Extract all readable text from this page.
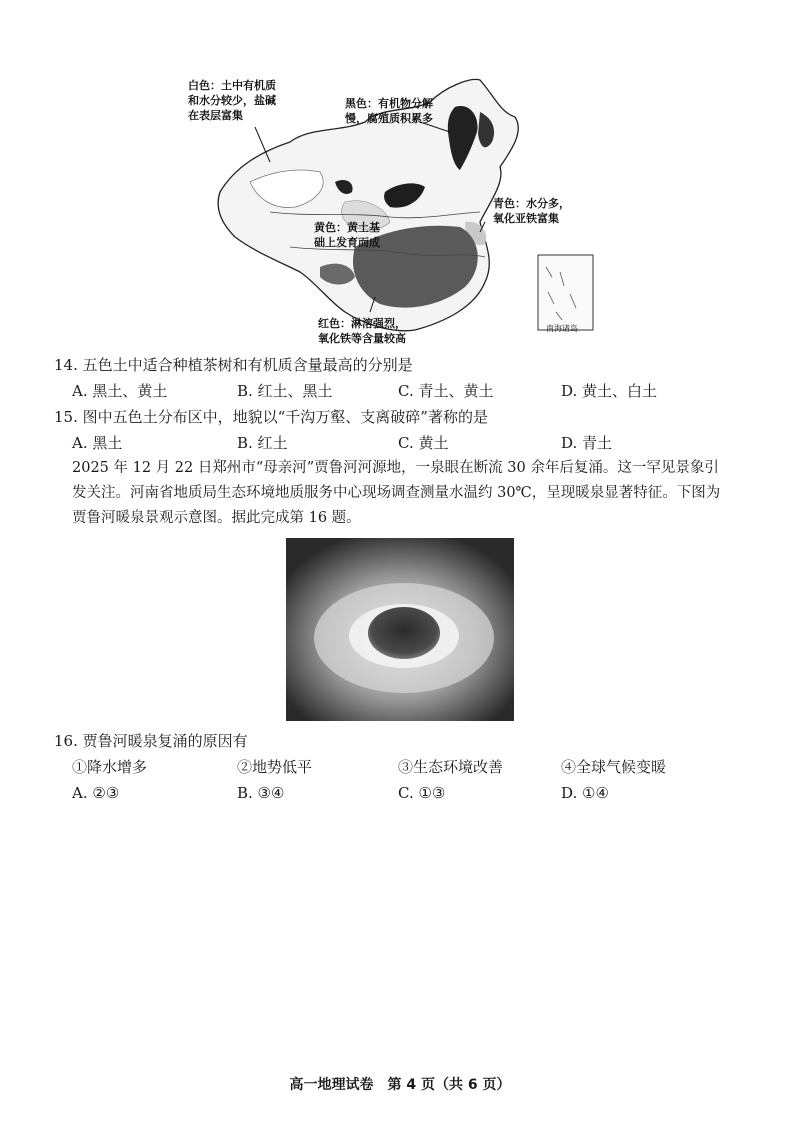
白色：土中有机质
和水分较少，盐碱
在表层富集
黑色：有机物分解
慢，腐殖质积累多
青色：水分多，
氧化亚铁富集
黄色：黄土基
础上发育而成
红色：淋溶强烈，
氧化铁等含量较高
南海诸岛
14. 五色土中适合种植茶树和有机质含量最高的分别是
A. 黑土、黄土	B. 红土、黑土	C. 青土、黄土	D. 黄土、白土
15. 图中五色土分布区中，地貌以“千沟万壑、支离破碎”著称的是
A. 黑土	B. 红土	C. 黄土	D. 青土
2025 年 12 月 22 日郑州市“母亲河”贾鲁河河源地，一泉眼在断流 30 余年后复涌。这一罕见景象引发关注。河南省地质局生态环境地质服务中心现场调查测量水温约 30℃，呈现暖泉显著特征。下图为贾鲁河暖泉景观示意图。据此完成第 16 题。
16. 贾鲁河暖泉复涌的原因有
①降水增多	②地势低平	③生态环境改善	④全球气候变暖
A. ②③	B. ③④	C. ①③	D. ①④
高一地理试卷　第 4 页（共 6 页）
